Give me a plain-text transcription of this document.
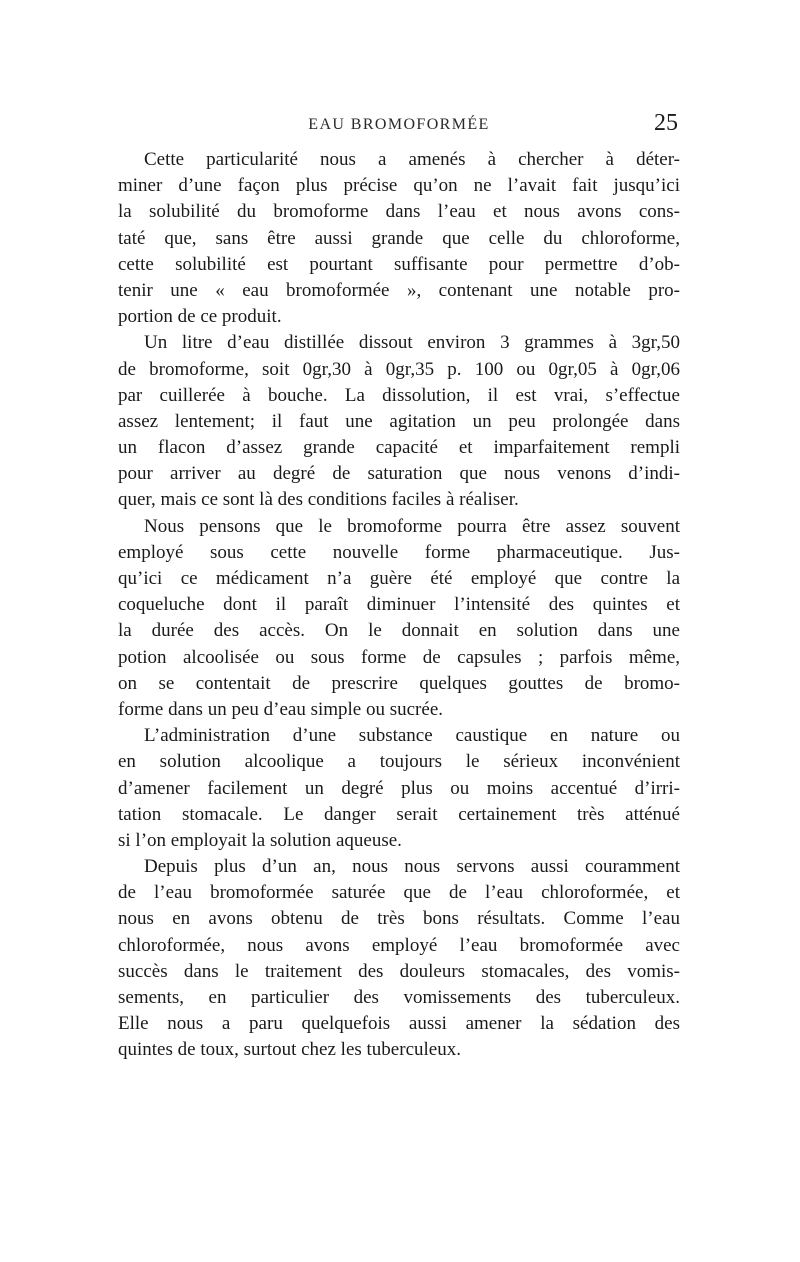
EAU BROMOFORMÉE	25

Cette particularité nous a amenés à chercher à déter-
miner d’une façon plus précise qu’on ne l’avait fait jusqu’ici
la solubilité du bromoforme dans l’eau et nous avons cons-
taté que, sans être aussi grande que celle du chloroforme,
cette solubilité est pourtant suffisante pour permettre d’ob-
tenir une « eau bromoformée », contenant une notable pro-
portion de ce produit.

Un litre d’eau distillée dissout environ 3 grammes à 3gr,50
de bromoforme, soit 0gr,30 à 0gr,35 p. 100 ou 0gr,05 à 0gr,06
par cuillerée à bouche. La dissolution, il est vrai, s’effectue
assez lentement; il faut une agitation un peu prolongée dans
un flacon d’assez grande capacité et imparfaitement rempli
pour arriver au degré de saturation que nous venons d’indi-
quer, mais ce sont là des conditions faciles à réaliser.

Nous pensons que le bromoforme pourra être assez souvent
employé sous cette nouvelle forme pharmaceutique. Jus-
qu’ici ce médicament n’a guère été employé que contre la
coqueluche dont il paraît diminuer l’intensité des quintes et
la durée des accès. On le donnait en solution dans une
potion alcoolisée ou sous forme de capsules ; parfois même,
on se contentait de prescrire quelques gouttes de bromo-
forme dans un peu d’eau simple ou sucrée.

L’administration d’une substance caustique en nature ou
en solution alcoolique a toujours le sérieux inconvénient
d’amener facilement un degré plus ou moins accentué d’irri-
tation stomacale. Le danger serait certainement très atténué
si l’on employait la solution aqueuse.

Depuis plus d’un an, nous nous servons aussi couramment
de l’eau bromoformée saturée que de l’eau chloroformée, et
nous en avons obtenu de très bons résultats. Comme l’eau
chloroformée, nous avons employé l’eau bromoformée avec
succès dans le traitement des douleurs stomacales, des vomis-
sements, en particulier des vomissements des tuberculeux.
Elle nous a paru quelquefois aussi amener la sédation des
quintes de toux, surtout chez les tuberculeux.
